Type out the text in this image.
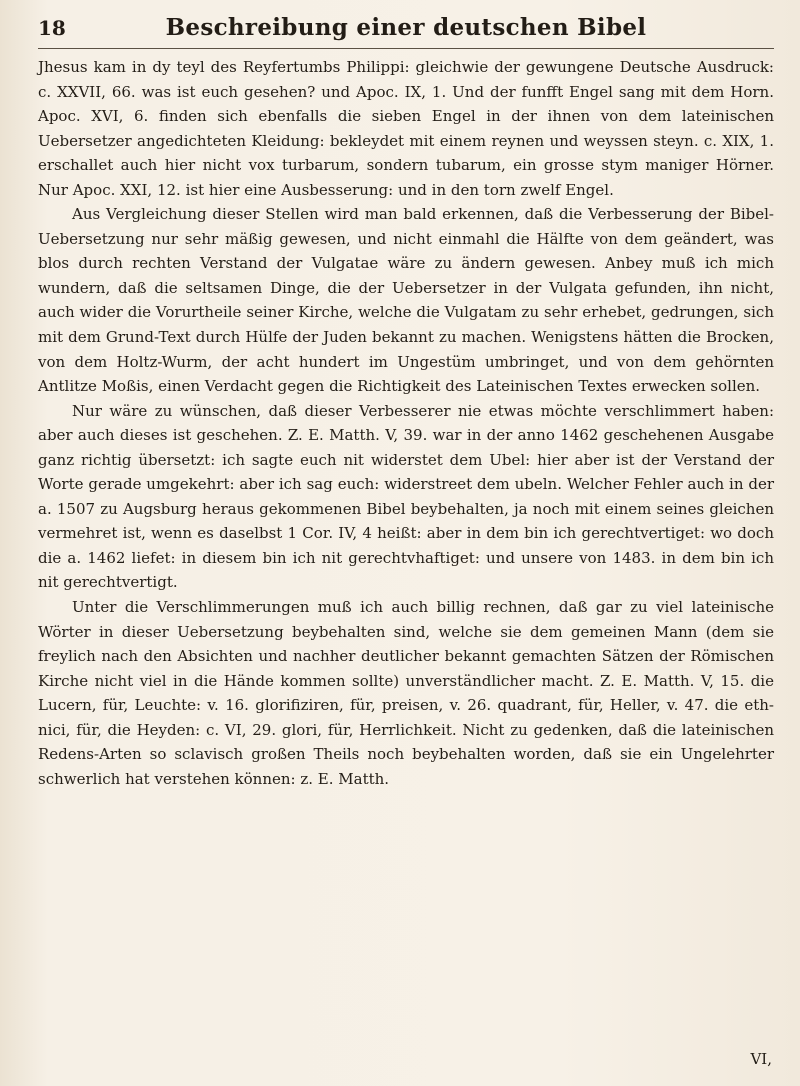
18	Beschreibung einer deutschen Bibel

Jhesus kam in dy teyl des Reyfertumbs Philippi: gleichwie der gewungene Deutsche Ausdruck: c. XXVII, 66. was ist euch gesehen? und Apoc. IX, 1. Und der funfft Engel sang mit dem Horn. Apoc. XVI, 6. finden sich ebenfalls die sieben Engel in der ihnen von dem lateinischen Uebersetzer angedichteten Kleidung: bekleydet mit einem reynen und weyssen steyn. c. XIX, 1. erschallet auch hier nicht vox turbarum, sondern tubarum, ein grosse stym maniger Hörner. Nur Apoc. XXI, 12. ist hier eine Ausbesserung: und in den torn zwelf Engel.

Aus Vergleichung dieser Stellen wird man bald erkennen, daß die Verbesserung der Bibel-Uebersetzung nur sehr mäßig gewesen, und nicht einmahl die Hälfte von dem geändert, was blos durch rechten Verstand der Vulgatae wäre zu ändern gewesen. Anbey muß ich mich wundern, daß die seltsamen Dinge, die der Uebersetzer in der Vulgata gefunden, ihn nicht, auch wider die Vorurtheile seiner Kirche, welche die Vulgatam zu sehr erhebet, gedrungen, sich mit dem Grund-Text durch Hülfe der Juden bekannt zu machen. Wenigstens hätten die Brocken, von dem Holtz-Wurm, der acht hundert im Ungestüm umbringet, und von dem gehörnten Antlitze Moßis, einen Verdacht gegen die Richtigkeit des Lateinischen Textes erwecken sollen.

Nur wäre zu wünschen, daß dieser Verbesserer nie etwas möchte verschlimmert haben: aber auch dieses ist geschehen. Z. E. Matth. V, 39. war in der anno 1462 geschehenen Ausgabe ganz richtig übersetzt: ich sagte euch nit widerstet dem Ubel: hier aber ist der Verstand der Worte gerade umgekehrt: aber ich sag euch: widerstreet dem ubeln. Welcher Fehler auch in der a. 1507 zu Augsburg heraus gekommenen Bibel beybehalten, ja noch mit einem seines gleichen vermehret ist, wenn es daselbst 1 Cor. IV, 4 heißt: aber in dem bin ich gerechtvertiget: wo doch die a. 1462 liefet: in diesem bin ich nit gerechtvhaftiget: und unsere von 1483. in dem bin ich nit gerechtvertigt.

Unter die Verschlimmerungen muß ich auch billig rechnen, daß gar zu viel lateinische Wörter in dieser Uebersetzung beybehalten sind, welche sie dem gemeinen Mann (dem sie freylich nach den Absichten und nachher deutlicher bekannt gemachten Sätzen der Römischen Kirche nicht viel in die Hände kommen sollte) unverständlicher macht. Z. E. Matth. V, 15. die Lucern, für, Leuchte: v. 16. glorifiziren, für, preisen, v. 26. quadrant, für, Heller, v. 47. die ethnici, für, die Heyden: c. VI, 29. glori, für, Herrlichkeit. Nicht zu gedenken, daß die lateinischen Redens-Arten so sclavisch großen Theils noch beybehalten worden, daß sie ein Ungelehrter schwerlich hat verstehen können: z. E. Matth.

VI,
